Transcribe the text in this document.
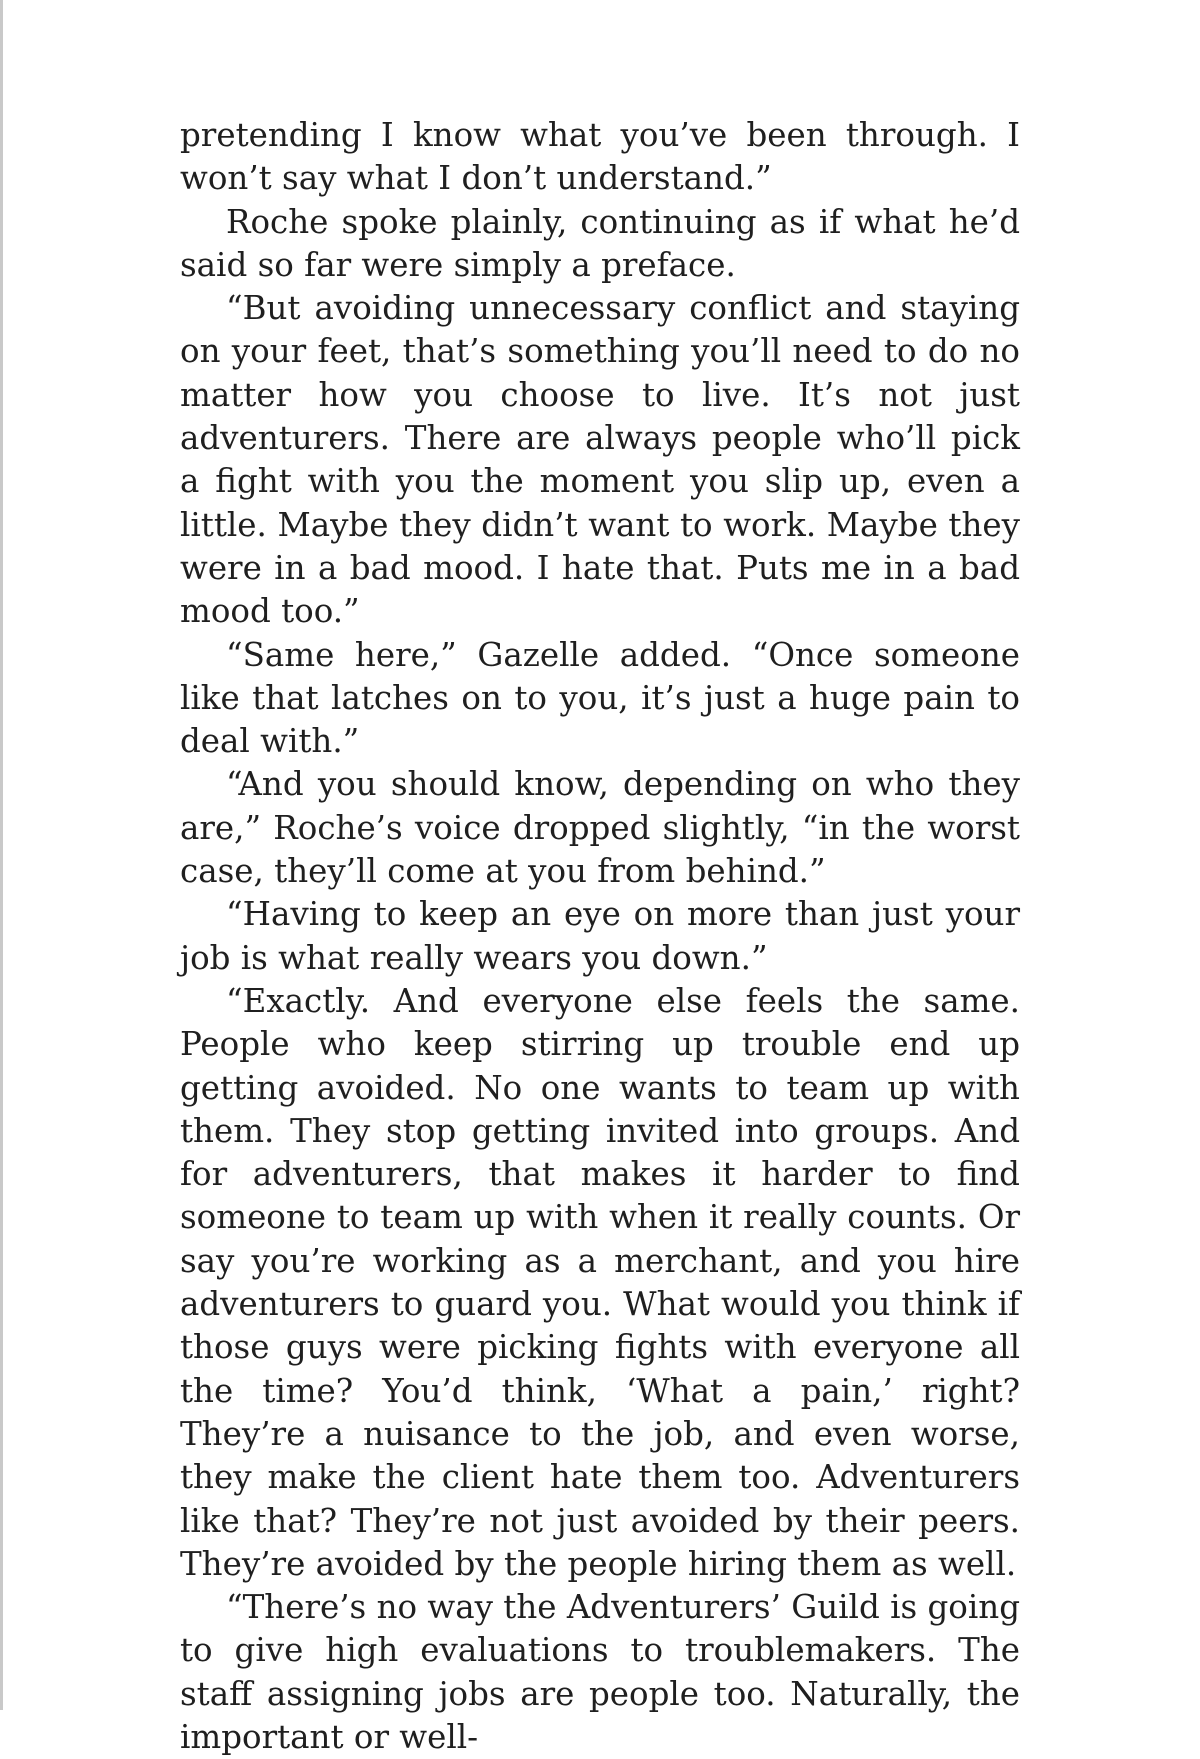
pretending I know what you’ve been through. I won’t say what I don’t understand.”

Roche spoke plainly, continuing as if what he’d said so far were simply a preface.

“But avoiding unnecessary conflict and staying on your feet, that’s something you’ll need to do no matter how you choose to live. It’s not just adventurers. There are always people who’ll pick a fight with you the moment you slip up, even a little. Maybe they didn’t want to work. Maybe they were in a bad mood. I hate that. Puts me in a bad mood too.”

“Same here,” Gazelle added. “Once someone like that latches on to you, it’s just a huge pain to deal with.”

“And you should know, depending on who they are,” Roche’s voice dropped slightly, “in the worst case, they’ll come at you from behind.”

“Having to keep an eye on more than just your job is what really wears you down.”

“Exactly. And everyone else feels the same. People who keep stirring up trouble end up getting avoided. No one wants to team up with them. They stop getting invited into groups. And for adventurers, that makes it harder to find someone to team up with when it really counts. Or say you’re working as a merchant, and you hire adventurers to guard you. What would you think if those guys were picking fights with everyone all the time? You’d think, ‘What a pain,’ right? They’re a nuisance to the job, and even worse, they make the client hate them too. Adventurers like that? They’re not just avoided by their peers. They’re avoided by the people hiring them as well.

“There’s no way the Adventurers’ Guild is going to give high evaluations to troublemakers. The staff assigning jobs are people too. Naturally, the important or well-
